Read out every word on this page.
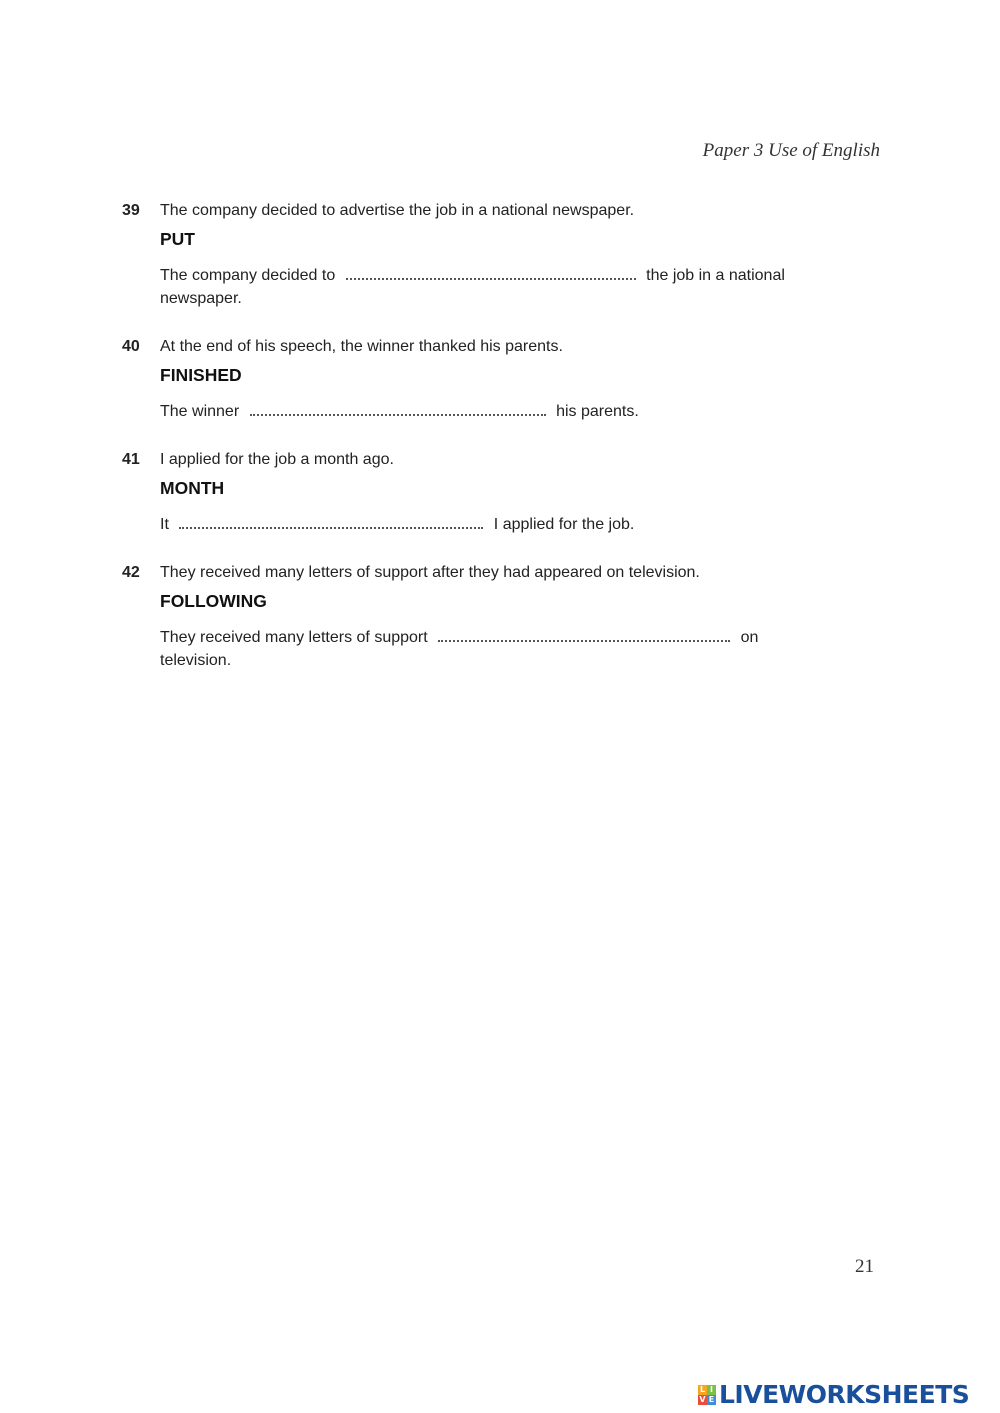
Paper 3 Use of English
39	The company decided to advertise the job in a national newspaper.
PUT
The company decided to	the job in a national newspaper.
40	At the end of his speech, the winner thanked his parents.
FINISHED
The winner	his parents.
41	I applied for the job a month ago.
MONTH
It	I applied for the job.
42	They received many letters of support after they had appeared on television.
FOLLOWING
They received many letters of support	on television.
21
L I
V E LIVEWORKSHEETS
